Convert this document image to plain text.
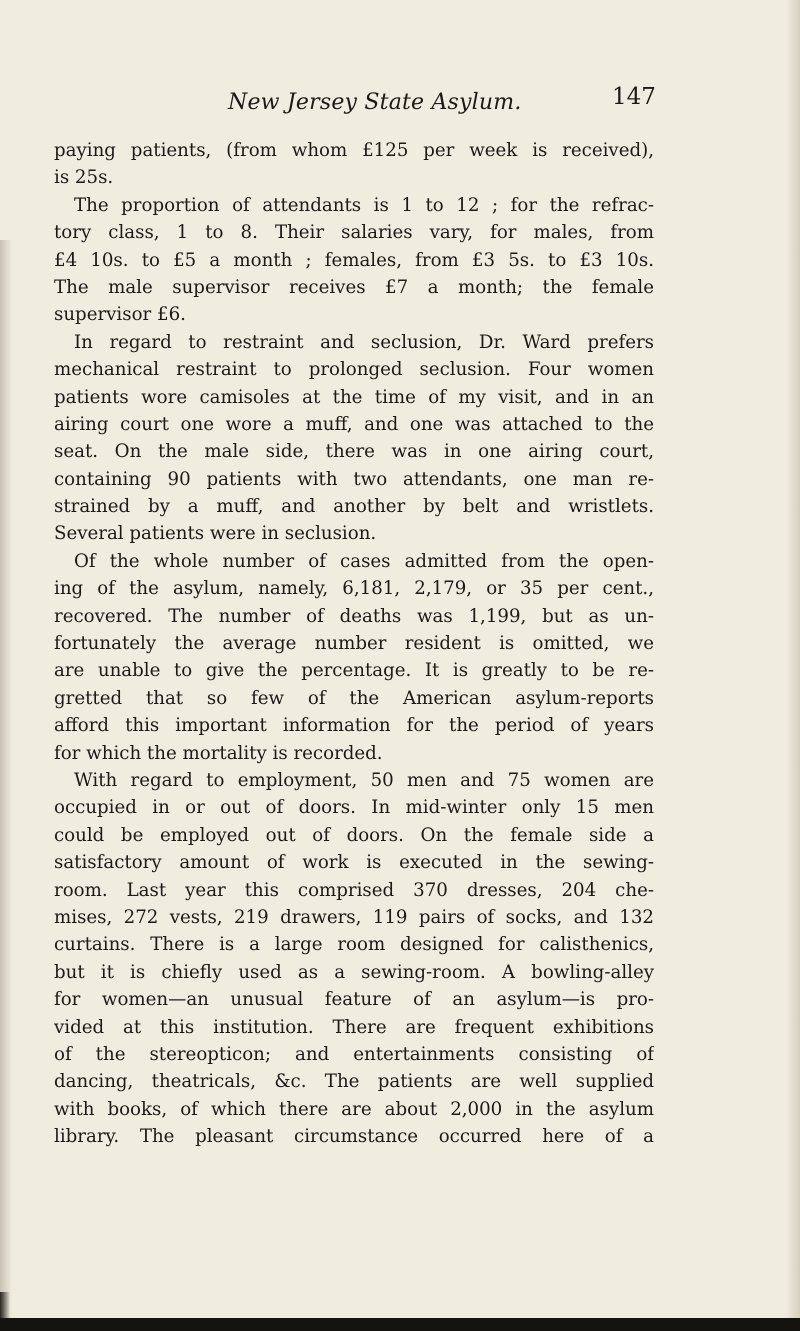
New Jersey State Asylum.	147
paying patients, (from whom £125 per week is received),
is 25s.
The proportion of attendants is 1 to 12 ; for the refrac-
tory class, 1 to 8. Their salaries vary, for males, from
£4 10s. to £5 a month ; females, from £3 5s. to £3 10s.
The male supervisor receives £7 a month; the female
supervisor £6.
In regard to restraint and seclusion, Dr. Ward prefers
mechanical restraint to prolonged seclusion. Four women
patients wore camisoles at the time of my visit, and in an
airing court one wore a muff, and one was attached to the
seat. On the male side, there was in one airing court,
containing 90 patients with two attendants, one man re-
strained by a muff, and another by belt and wristlets.
Several patients were in seclusion.
Of the whole number of cases admitted from the open-
ing of the asylum, namely, 6,181, 2,179, or 35 per cent.,
recovered. The number of deaths was 1,199, but as un-
fortunately the average number resident is omitted, we
are unable to give the percentage. It is greatly to be re-
gretted that so few of the American asylum-reports
afford this important information for the period of years
for which the mortality is recorded.
With regard to employment, 50 men and 75 women are
occupied in or out of doors. In mid-winter only 15 men
could be employed out of doors. On the female side a
satisfactory amount of work is executed in the sewing-
room. Last year this comprised 370 dresses, 204 che-
mises, 272 vests, 219 drawers, 119 pairs of socks, and 132
curtains. There is a large room designed for calisthenics,
but it is chiefly used as a sewing-room. A bowling-alley
for women—an unusual feature of an asylum—is pro-
vided at this institution. There are frequent exhibitions
of the stereopticon; and entertainments consisting of
dancing, theatricals, &c. The patients are well supplied
with books, of which there are about 2,000 in the asylum
library. The pleasant circumstance occurred here of a
